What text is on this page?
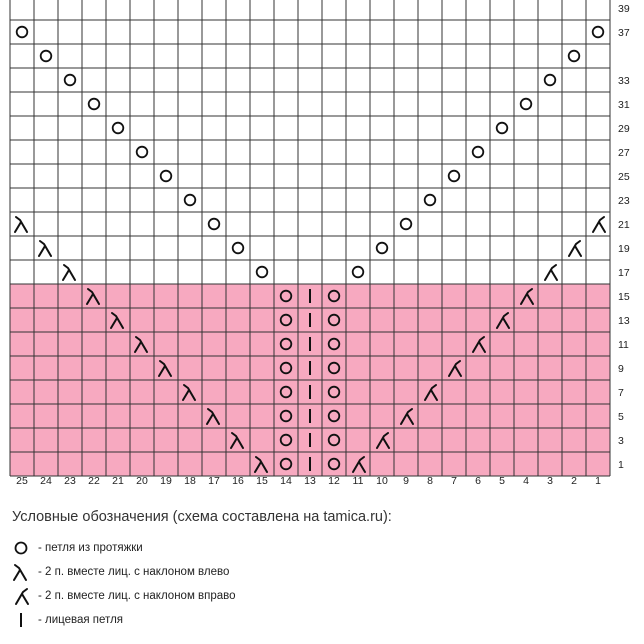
39
37
33
31
29
27
25
23
21
19
17
15
13
11
9
7
5
3
1
25 24 23 22 21 20 19 18 17 16 15 14 13 12 11 10 9 8 7 6 5 4 3 2 1
Условные обозначения (схема составлена на tamica.ru):
- петля из протяжки
- 2 п. вместе лиц. с наклоном влево
- 2 п. вместе лиц. с наклоном вправо
- лицевая петля
